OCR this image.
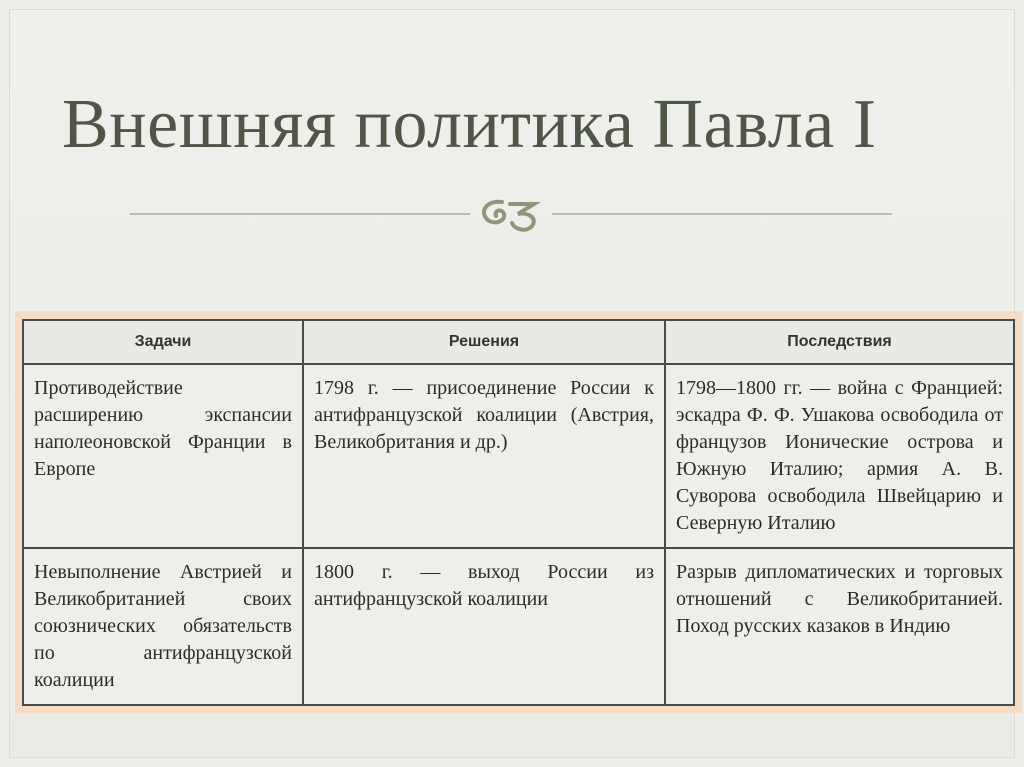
Внешняя политика Павла I
Задачи	Решения	Последствия
Противодействие расширению экспансии наполеоновской Франции в Европе	1798 г. — присоединение России к антифранцузской коалиции (Австрия, Великобритания и др.)	1798—1800 гг. — война с Францией: эскадра Ф. Ф. Ушакова освободила от французов Ионические острова и Южную Италию; армия А. В. Суворова освободила Швейцарию и Северную Италию
Невыполнение Австрией и Великобританией своих союзнических обязательств по антифранцузской коалиции	1800 г. — выход России из антифранцузской коалиции	Разрыв дипломатических и торговых отношений с Великобританией. Поход русских казаков в Индию
